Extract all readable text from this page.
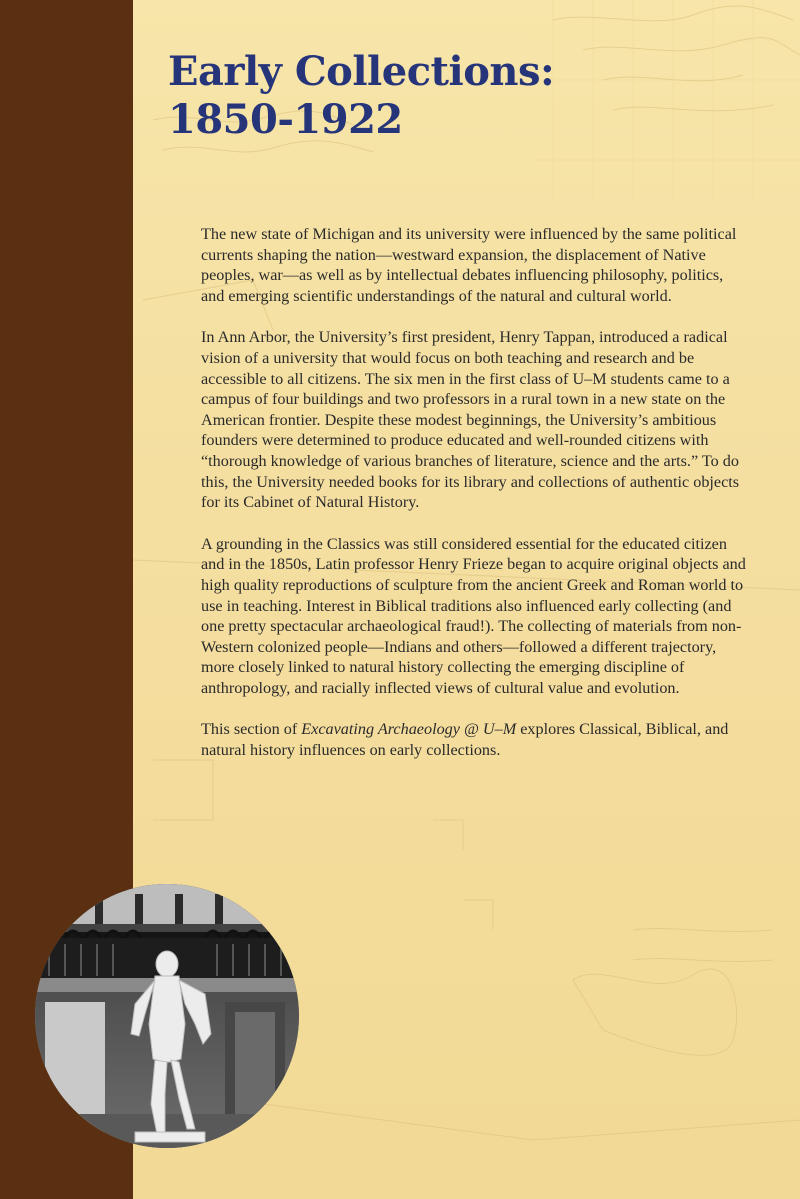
Early Collections:
1850-1922

The new state of Michigan and its university were influenced by the same political currents shaping the nation—westward expansion, the displacement of Native peoples, war—as well as by intellectual debates influencing philosophy, politics, and emerging scientific understandings of the natural and cultural world.

In Ann Arbor, the University’s first president, Henry Tappan, introduced a radical vision of a university that would focus on both teaching and research and be accessible to all citizens. The six men in the first class of U–M students came to a campus of four buildings and two professors in a rural town in a new state on the American frontier. Despite these modest beginnings, the University’s ambitious founders were determined to produce educated and well-rounded citizens with “thorough knowledge of various branches of literature, science and the arts.” To do this, the University needed books for its library and collections of authentic objects for its Cabinet of Natural History.

A grounding in the Classics was still considered essential for the educated citizen and in the 1850s, Latin professor Henry Frieze began to acquire original objects and high quality reproductions of sculpture from the ancient Greek and Roman world to use in teaching. Interest in Biblical traditions also influenced early collecting (and one pretty spectacular archaeological fraud!). The collecting of materials from non-Western colonized people—Indians and others—followed a different trajectory, more closely linked to natural history collecting the emerging discipline of anthropology, and racially inflected views of cultural value and evolution.

This section of Excavating Archaeology @ U–M explores Classical, Biblical, and natural history influences on early collections.
